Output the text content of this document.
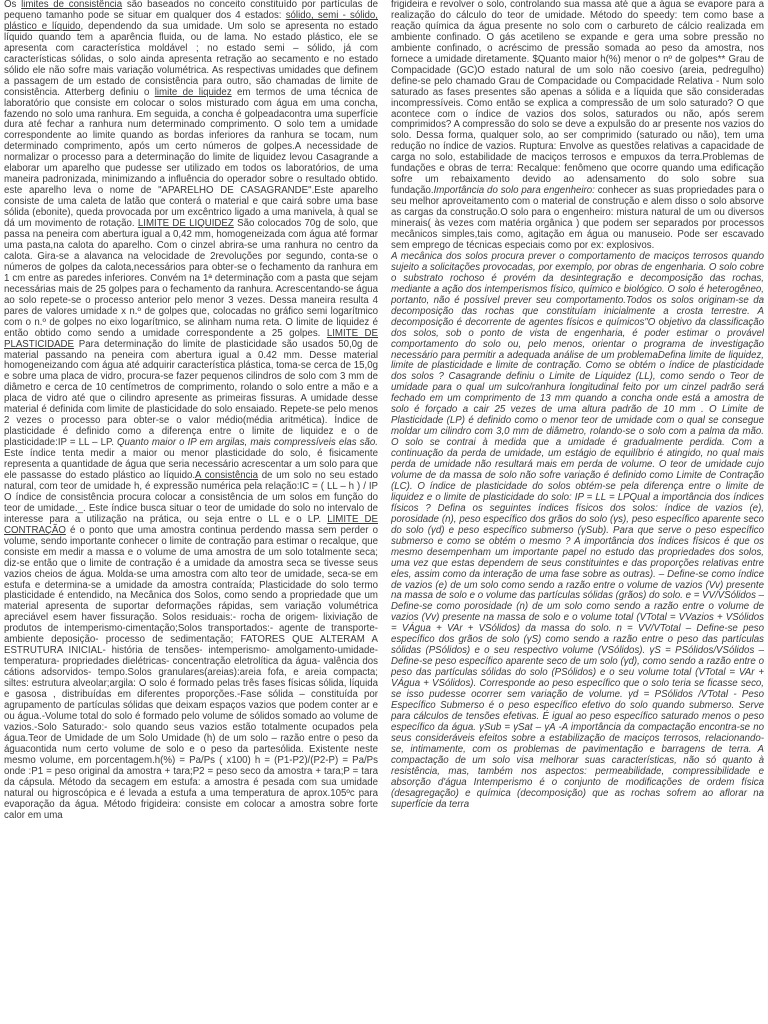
Os limites de consistência são baseados no conceito constituído por partículas de pequeno tamanho pode se situar em qualquer dos 4 estados: sólido, semi - sólido, plástico e líquido, dependendo da sua umidade. Um solo se apresenta no estado líquido quando tem a aparência fluida, ou de lama. No estado plástico, ele se apresenta com característica moldável ; no estado semi – sólido, já com características sólidas, o solo ainda apresenta retração ao secamento e no estado sólido ele não sofre mais variação volumétrica. As respectivas umidades que definem a passagem de um estado de consistência para outro, são chamadas de limite de consistência. Atterberg definiu o limite de liquidez em termos de uma técnica de laboratório que consiste em colocar o solos misturado com água em uma concha, fazendo no solo uma ranhura. Em seguida, a concha é golpeadacontra uma superfície dura até fechar a ranhura num determinado comprimento. O solo tem a umidade correspondente ao limite quando as bordas inferiores da ranhura se tocam, num determinado comprimento, após um certo números de golpes.A necessidade de normalizar o processo para a determinação do limite de liquidez levou Casagrande a elaborar um aparelho que pudesse ser utilizado em todos os laboratórios, de uma maneira padronizada, minimizando a influência do operador sobre o resultado obtido. este aparelho leva o nome de "APARELHO DE CASAGRANDE".Este aparelho consiste de uma caleta de latão que conterá o material e que cairá sobre uma base sólida (ebonite), queda provocada por um excêntrico ligado a uma manivela, à qual se dá um movimento de rotação. LIMITE DE LIQUIDEZ São colocados 70g de solo, que passa na peneira com abertura igual a 0,42 mm, homogeneizada com água até formar uma pasta,na calota do aparelho. Com o cinzel abrira-se uma ranhura no centro da calota. Gira-se a alavanca na velocidade de 2revoluções por segundo, conta-se o números de golpes da calota,necessários para obter-se o fechamento da ranhura em 1 cm entre as paredes inferiores. Convém na 1ª determinação com a pasta que sejam necessárias mais de 25 golpes para o fechamento da ranhura. Acrescentando-se água ao solo repete-se o processo anterior pelo menor 3 vezes. Dessa maneira resulta 4 pares de valores umidade x n.º de golpes que, colocadas no gráfico semi logarítmico com o n.º de golpes no eixo logarítmico, se alinham numa reta. O limite de liquidez é então obtido como sendo a umidade correspondente a 25 golpes. LIMITE DE PLASTICIDADE Para determinação do limite de plasticidade são usados 50,0g de material passando na peneira com abertura igual a 0.42 mm. Desse material homogeneizando com água até adquirir característica plástica, toma-se cerca de 15,0g e sobre uma placa de vidro, procura-se fazer pequenos cilindros de solo com 3 mm de diâmetro e cerca de 10 centímetros de comprimento, rolando o solo entre a mão e a placa de vidro até que o cilindro apresente as primeiras fissuras. A umidade desse material é definida com limite de plasticidade do solo ensaiado. Repete-se pelo menos 2 vezes o processo para obter-se o valor médio(média aritmética). Índice de plasticidade é definido como a diferença entre o limite de liquidez e o de plasticidade:IP = LL – LP. Quanto maior o IP em argilas, mais compressíveis elas são. Este índice tenta medir a maior ou menor plasticidade do solo, é fisicamente representa a quantidade de água que seria necessário acrescentar a um solo para que ele passasse do estado plástico ao líquido.A consistência de um solo no seu estado natural, com teor de umidade h, é expressão numérica pela relação:IC = ( LL – h ) / IP O índice de consistência procura colocar a consistência de um solos em função do teor de umidade._. Este índice busca situar o teor de umidade do solo no intervalo de interesse para a utilização na prática, ou seja entre o LL e o LP. LIMITE DE CONTRAÇÃO é o ponto que uma amostra continua perdendo massa sem perder o volume, sendo importante conhecer o limite de contração para estimar o recalque, que consiste em medir a massa e o volume de uma amostra de um solo totalmente seca; diz-se então que o limite de contração é a umidade da amostra seca se tivesse seus vazios cheios de água. Molda-se uma amostra com alto teor de umidade, seca-se em estufa e determina-se a umidade da amostra contraída; Plasticidade do solo termo plasticidade é entendido, na Mecânica dos Solos, como sendo a propriedade que um material apresenta de suportar deformações rápidas, sem variação volumétrica apreciável esem haver fissuração. Solos residuais:- rocha de origem- lixiviação de produtos de intemperismo-cimentação;Solos transportados:- agente de transporte- ambiente deposição- processo de sedimentação; FATORES QUE ALTERAM A ESTRUTURA INICIAL- história de tensões- intemperismo- amolgamento-umidade- temperatura- propriedades dielétricas- concentração eletrolítica da água- valência dos cátions adsorvidos- tempo.Solos granulares(areias):areia fofa, e areia compacta; siltes: estrutura alveolar;argila: O solo é formado pelas três fases físicas sólida, líquida e gasosa , distribuídas em diferentes proporções.-Fase sólida – constituída por agrupamento de partículas sólidas que deixam espaços vazios que podem conter ar e ou água.-Volume total do solo é formado pelo volume de sólidos somado ao volume de vazios.-Solo Saturado:- solo quando seus vazios estão totalmente ocupados pela água.Teor de Umidade de um Solo Umidade (h) de um solo – razão entre o peso da águacontida num certo volume de solo e o peso da partesólida. Existente neste mesmo volume, em porcentagem.h(%) = Pa/Ps ( x100) h = (P1-P2)/(P2-P) = Pa/Ps onde :P1 = peso original da amostra + tara;P2 = peso seco da amostra + tara;P = tara da cápsula. Método da secagem em estufa: a amostra é pesada com sua umidade natural ou higroscópica e é levada a estufa a uma temperatura de aprox.105ºc para evaporação da água. Método frigideira: consiste em colocar a amostra sobre forte calor em uma

frigideira e revolver o solo, controlando sua massa até que a água se evapore para a realização do cálculo do teor de umidade. Método do speedy: tem como base a reação química da água presente no solo com o carbureto de cálcio realizada em ambiente confinado. O gás acetileno se expande e gera uma sobre pressão no ambiente confinado, o acréscimo de pressão somada ao peso da amostra, nos fornece a umidade diretamente. $Quanto maior h(%) menor o nº de golpes** Grau de Compacidade (GC)O estado natural de um solo não coesivo (areia, pedregulho) define-se pelo chamado Grau de Compacidade ou Compacidade Relativa - Num solo saturado as fases presentes são apenas a sólida e a líquida que são consideradas incompressíveis. Como então se explica a compressão de um solo saturado? O que acontece com o índice de vazios dos solos, saturados ou não, após serem comprimidos? A compressão do solo se deve a expulsão do ar presente nos vazios do solo. Dessa forma, qualquer solo, ao ser comprimido (saturado ou não), tem uma redução no índice de vazios. Ruptura: Envolve as questões relativas a capacidade de carga no solo, estabilidade de maciços terrosos e empuxos da terra.Problemas de fundações e obras de terra: Recalque: fenômeno que ocorre quando uma edificação sofre um rebaixamento devido ao adensamento do solo sobre sua fundação.Importância do solo para engenheiro: conhecer as suas propriedades para o seu melhor aproveitamento com o material de construção e alem disso o solo absorve as cargas da construção.O solo para o engenheiro: mistura natural de um ou diversos minerais( às vezes com matéria orgânica ) que podem ser separados por processos mecânicos simples,tais como, agitação em água ou manuseio. Pode ser escavado sem emprego de técnicas especiais como por ex: explosivos.

A mecânica dos solos procura prever o comportamento de maciços terrosos quando sujeito a solicitações provocadas, por exemplo, por obras de engenharia. O solo cobre o substrato rochoso é provém da desintegração e decomposição das rochas, mediante a ação dos intemperismos físico, químico e biológico. O solo é heterogêneo, portanto, não é possível prever seu comportamento.Todos os solos originam-se da decomposição das rochas que constituíam inicialmente a crosta terrestre. A decomposição é decorrente de agentes físicos e químicos"O objetivo da classificação dos solos, sob o ponto de vista de engenharia, é poder estimar o provável comportamento do solo ou, pelo menos, orientar o programa de investigação necessário para permitir a adequada análise de um problemaDefina limite de liquidez, limite de plasticidade e limite de contração. Como se obtém o índice de plasticidade dos solos ? Casagrande definiu o Limite de Liquidez (LL), como sendo o Teor de umidade para o qual um sulco/ranhura longitudinal feito por um cinzel padrão será fechado em um comprimento de 13 mm quando a concha onde está a amostra de solo é forçado a cair 25 vezes de uma altura padrão de 10 mm . O Limite de Plasticidade (LP) é definido como o menor teor de umidade com o qual se consegue moldar um cilindro com 3,0 mm de diâmetro, rolando-se o solo com a palma da mão. O solo se contrai à medida que a umidade é gradualmente perdida. Com a continuação da perda de umidade, um estágio de equilíbrio é atingido, no qual mais perda de umidade não resultará mais em perda de volume. O teor de umidade cujo volume de da massa de solo não sofre variação é definido como Limite de Contração (LC). O índice de plasticidade do solos obtém-se pela diferença entre o limite de liquidez e o limite de plasticidade do solo: IP = LL = LPQual a importância dos índices físicos ? Defina os seguintes índices físicos dos solos: índice de vazios (e), porosidade (n), peso específico dos grãos do solo (γs), peso específico aparente seco do solo (γd) e peso específico submerso (γSub). Para que serve o peso específico submerso e como se obtém o mesmo ? A importância dos índices físicos é que os mesmo desempenham um importante papel no estudo das propriedades dos solos, uma vez que estas dependem de seus constituintes e das proporções relativas entre eles, assim como da interação de uma fase sobre as outras). – Define-se como índice de vazios (e) de um solo como sendo a razão entre o volume de vazios (Vv) presente na massa de solo e o volume das partículas sólidas (grãos) do solo. e = VV/VSólidos – Define-se como porosidade (n) de um solo como sendo a razão entre o volume de vazios (Vv) presente na massa de solo e o volume total (VTotal = VVazios + VSólidos = VÁgua + VAr + VSólidos) da massa do solo. n = VV/VTotal – Define-se peso específico dos grãos de solo (γS) como sendo a razão entre o peso das partículas sólidas (PSólidos) e o seu respectivo volume (VSólidos). γS = PSólidos/VSólidos – Define-se peso específico aparente seco de um solo (γd), como sendo a razão entre o peso das partículas sólidas do solo (PSólidos) e o seu volume total (VTotal = VAr + VÁgua + VSólidos). Corresponde ao peso específico que o solo teria se ficasse seco, se isso pudesse ocorrer sem variação de volume. γd = PSólidos /VTotal - Peso Específico Submerso é o peso específico efetivo do solo quando submerso. Serve para cálculos de tensões efetivas. É igual ao peso específico saturado menos o peso específico da água. γSub = γSat – γA -A importância da compactação encontra-se no seus consideráveis efeitos sobre a estabilização de maciços terrosos, relacionando-se, intimamente, com os problemas de pavimentação e barragens de terra. A compactação de um solo visa melhorar suas características, não só quanto à resistência, mas, também nos aspectos: permeabilidade, compressibilidade e absorção d'água Intemperismo é o conjunto de modificações de ordem física (desagregação) e química (decomposição) que as rochas sofrem ao aflorar na superfície da terra
